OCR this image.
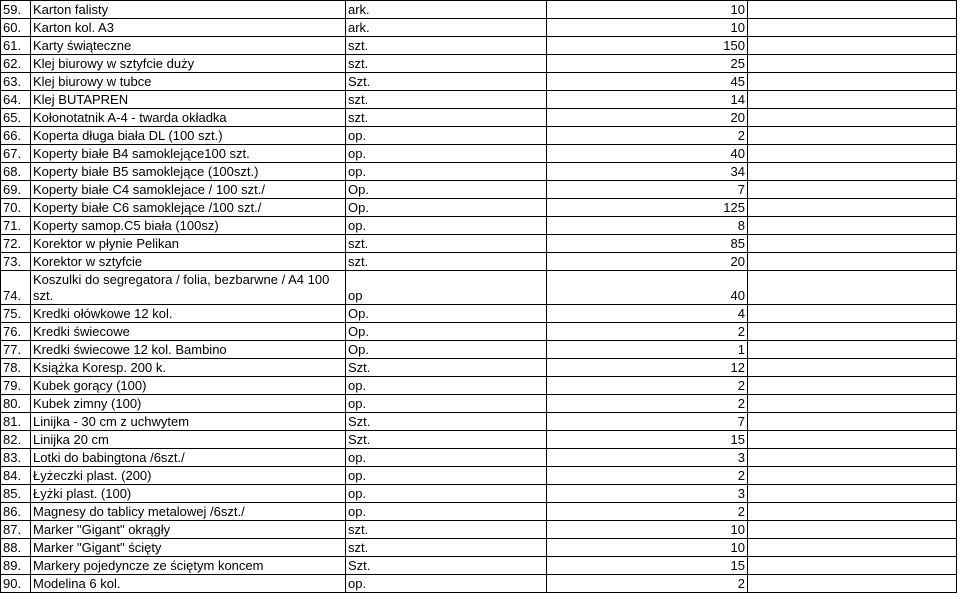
59.	Karton falisty	ark.	10	
60.	Karton kol. A3	ark.	10	
61.	Karty świąteczne	szt.	150	
62.	Klej biurowy w sztyfcie duży	szt.	25	
63.	Klej biurowy w tubce	Szt.	45	
64.	Klej BUTAPREN	szt.	14	
65.	Kołonotatnik A-4 - twarda okładka	szt.	20	
66.	Koperta długa biała DL (100 szt.)	op.	2	
67.	Koperty białe B4 samoklejące100 szt.	op.	40	
68.	Koperty białe B5 samoklejące (100szt.)	op.	34	
69.	Koperty białe C4 samoklejace / 100 szt./	Op.	7	
70.	Koperty białe C6 samoklejące /100 szt./	Op.	125	
71.	Koperty samop.C5 biała (100sz)	op.	8	
72.	Korektor w płynie Pelikan	szt.	85	
73.	Korektor w sztyfcie	szt.	20	
74.	Koszulki do segregatora / folia, bezbarwne / A4 100 szt.	op	40	
75.	Kredki ołówkowe 12 kol.	Op.	4	
76.	Kredki świecowe	Op.	2	
77.	Kredki świecowe 12 kol. Bambino	Op.	1	
78.	Książka Koresp. 200 k.	Szt.	12	
79.	Kubek gorący (100)	op.	2	
80.	Kubek zimny (100)	op.	2	
81.	Linijka - 30 cm z uchwytem	Szt.	7	
82.	Linijka 20 cm	Szt.	15	
83.	Lotki do babingtona /6szt./	op.	3	
84.	Łyżeczki plast. (200)	op.	2	
85.	Łyżki plast. (100)	op.	3	
86.	Magnesy do tablicy metalowej /6szt./	op.	2	
87.	Marker "Gigant" okrągły	szt.	10	
88.	Marker "Gigant" ścięty	szt.	10	
89.	Markery pojedyncze ze ściętym koncem	Szt.	15	
90.	Modelina 6 kol.	op.	2	
